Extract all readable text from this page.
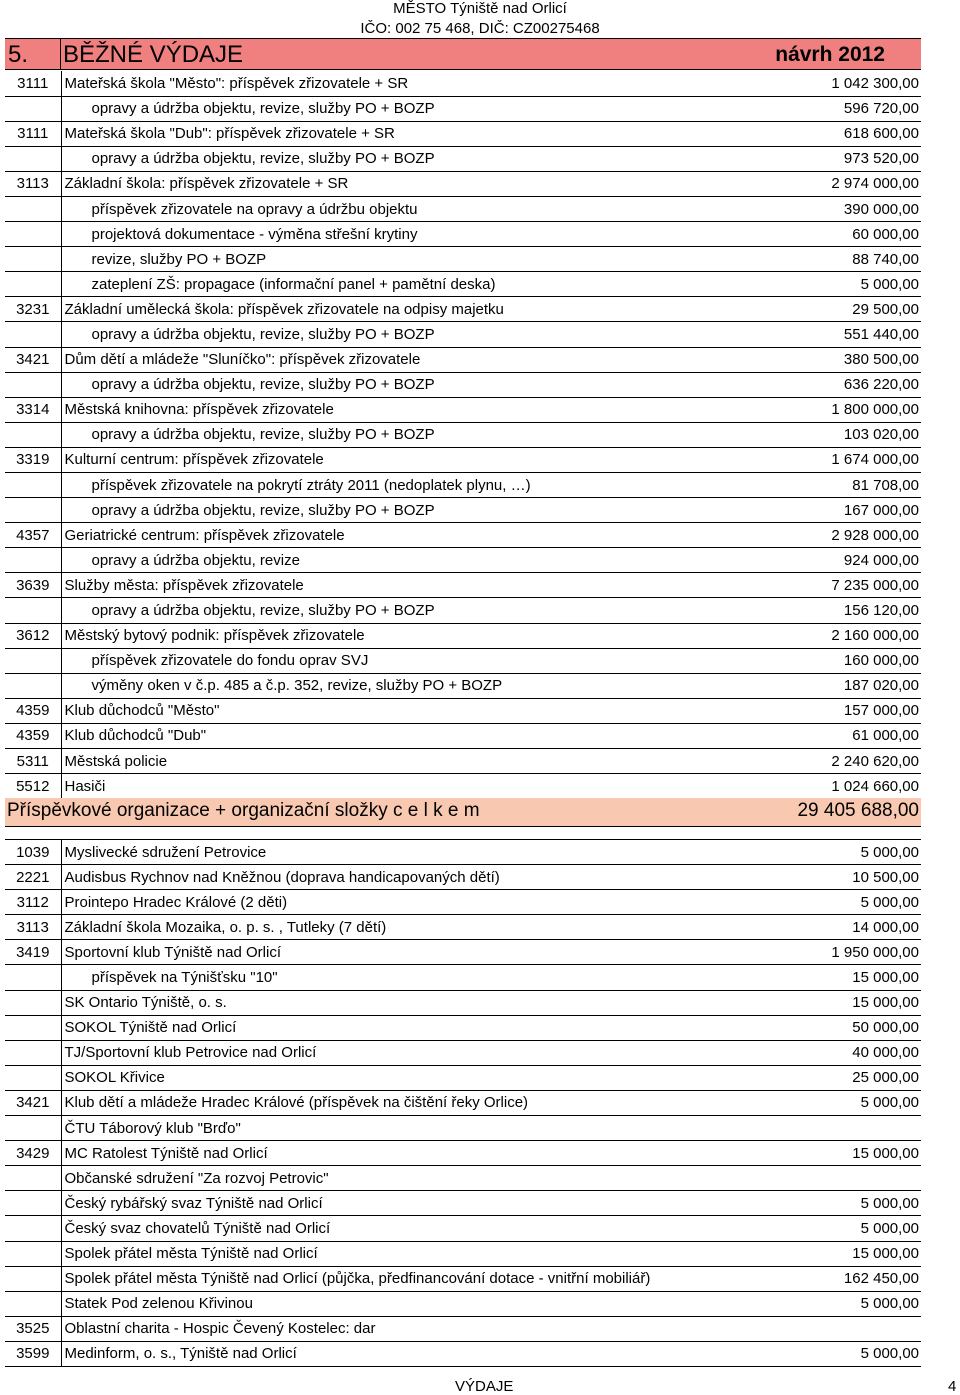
MĚSTO Týniště nad Orlicí
IČO: 002 75 468, DIČ: CZ00275468
5. BĚŽNÉ VÝDAJE	návrh 2012
3111	Mateřská škola "Město": příspěvek zřizovatele + SR	1 042 300,00
	opravy a údržba objektu, revize, služby PO + BOZP	596 720,00
3111	Mateřská škola "Dub": příspěvek zřizovatele + SR	618 600,00
	opravy a údržba objektu, revize, služby PO + BOZP	973 520,00
3113	Základní škola: příspěvek zřizovatele + SR	2 974 000,00
	příspěvek zřizovatele na opravy a údržbu objektu	390 000,00
	projektová dokumentace - výměna střešní krytiny	60 000,00
	revize, služby PO + BOZP	88 740,00
	zateplení ZŠ: propagace (informační panel + pamětní deska)	5 000,00
3231	Základní umělecká škola: příspěvek zřizovatele na odpisy majetku	29 500,00
	opravy a údržba objektu, revize, služby PO + BOZP	551 440,00
3421	Dům dětí a mládeže "Sluníčko": příspěvek zřizovatele	380 500,00
	opravy a údržba objektu, revize, služby PO + BOZP	636 220,00
3314	Městská knihovna: příspěvek zřizovatele	1 800 000,00
	opravy a údržba objektu, revize, služby PO + BOZP	103 020,00
3319	Kulturní centrum: příspěvek zřizovatele	1 674 000,00
	příspěvek zřizovatele na pokrytí ztráty 2011 (nedoplatek plynu, …)	81 708,00
	opravy a údržba objektu, revize, služby PO + BOZP	167 000,00
4357	Geriatrické centrum: příspěvek zřizovatele	2 928 000,00
	opravy a údržba objektu, revize	924 000,00
3639	Služby města: příspěvek zřizovatele	7 235 000,00
	opravy a údržba objektu, revize, služby PO + BOZP	156 120,00
3612	Městský bytový podnik: příspěvek zřizovatele	2 160 000,00
	příspěvek zřizovatele do fondu oprav SVJ	160 000,00
	výměny oken v č.p. 485 a č.p. 352, revize, služby PO + BOZP	187 020,00
4359	Klub důchodců "Město"	157 000,00
4359	Klub důchodců "Dub"	61 000,00
5311	Městská policie	2 240 620,00
5512	Hasiči	1 024 660,00
Příspěvkové organizace + organizační složky c e l k e m	29 405 688,00
1039	Myslivecké sdružení Petrovice	5 000,00
2221	Audisbus Rychnov nad Kněžnou (doprava handicapovaných dětí)	10 500,00
3112	Prointepo Hradec Králové (2 děti)	5 000,00
3113	Základní škola Mozaika, o. p. s. , Tutleky (7 dětí)	14 000,00
3419	Sportovní klub Týniště nad Orlicí	1 950 000,00
	příspěvek na Týnišťsku "10"	15 000,00
	SK Ontario Týniště, o. s.	15 000,00
	SOKOL Týniště nad Orlicí	50 000,00
	TJ/Sportovní klub Petrovice nad Orlicí	40 000,00
	SOKOL Křivice	25 000,00
3421	Klub dětí a mládeže Hradec Králové (příspěvek na čištění řeky Orlice)	5 000,00
	ČTU Táborový klub "Brďo"	
3429	MC Ratolest Týniště nad Orlicí	15 000,00
	Občanské sdružení "Za rozvoj Petrovic"	
	Český rybářský svaz Týniště nad Orlicí	5 000,00
	Český svaz chovatelů Týniště nad Orlicí	5 000,00
	Spolek přátel města Týniště nad Orlicí	15 000,00
	Spolek přátel města Týniště nad Orlicí (půjčka, předfinancování dotace - vnitřní mobiliář)	162 450,00
	Statek Pod zelenou Křivinou	5 000,00
3525	Oblastní charita - Hospic Čevený Kostelec: dar	
3599	Medinform, o. s., Týniště nad Orlicí	5 000,00
VÝDAJE	4
